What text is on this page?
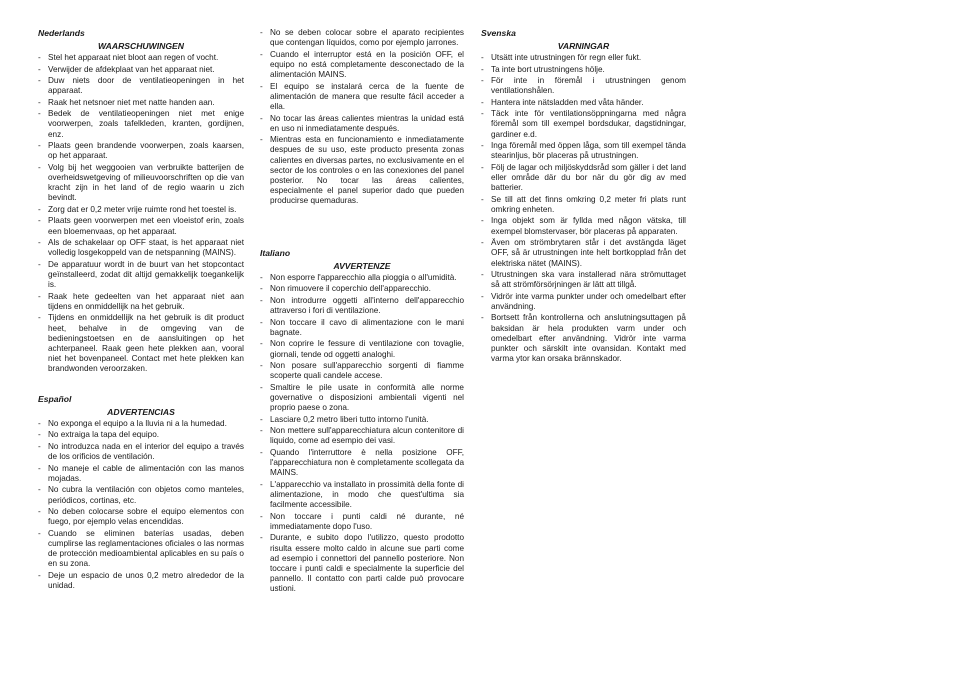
Nederlands
WAARSCHUWINGEN
- Stel het apparaat niet bloot aan regen of vocht.
- Verwijder de afdekplaat van het apparaat niet.
- Duw niets door de ventilatieopeningen in het apparaat.
- Raak het netsnoer niet met natte handen aan.
- Bedek de ventilatieopeningen niet met enige voorwerpen, zoals tafelkleden, kranten, gordijnen, enz.
- Plaats geen brandende voorwerpen, zoals kaarsen, op het apparaat.
- Volg bij het weggooien van verbruikte batterijen de overheidswetgeving of milieuvoorschriften op die van kracht zijn in het land of de regio waarin u zich bevindt.
- Zorg dat er 0,2 meter vrije ruimte rond het toestel is.
- Plaats geen voorwerpen met een vloeistof erin, zoals een bloemenvaas, op het apparaat.
- Als de schakelaar op OFF staat, is het apparaat niet volledig losgekoppeld van de netspanning (MAINS).
- De apparatuur wordt in de buurt van het stopcontact geïnstalleerd, zodat dit altijd gemakkelijk toegankelijk is.
- Raak hete gedeelten van het apparaat niet aan tijdens en onmiddellijk na het gebruik.
- Tijdens en onmiddellijk na het gebruik is dit product heet, behalve in de omgeving van de bedieningstoetsen en de aansluitingen op het achterpaneel. Raak geen hete plekken aan, vooral niet het bovenpaneel. Contact met hete plekken kan brandwonden veroorzaken.
Español
ADVERTENCIAS
- No exponga el equipo a la lluvia ni a la humedad.
- No extraiga la tapa del equipo.
- No introduzca nada en el interior del equipo a través de los orificios de ventilación.
- No maneje el cable de alimentación con las manos mojadas.
- No cubra la ventilación con objetos como manteles, periódicos, cortinas, etc.
- No deben colocarse sobre el equipo elementos con fuego, por ejemplo velas encendidas.
- Cuando se eliminen baterías usadas, deben cumplirse las reglamentaciones oficiales o las normas de protección medioambiental aplicables en su país o en su zona.
- Deje un espacio de unos 0,2 metro alrededor de la unidad.
- No se deben colocar sobre el aparato recipientes que contengan líquidos, como por ejemplo jarrones.
- Cuando el interruptor está en la posición OFF, el equipo no está completamente desconectado de la alimentación MAINS.
- El equipo se instalará cerca de la fuente de alimentación de manera que resulte fácil acceder a ella.
- No tocar las áreas calientes mientras la unidad está en uso ni inmediatamente después.
- Mientras esta en funcionamiento e inmediatamente despues de su uso, este producto presenta zonas calientes en diversas partes, no exclusivamente en el sector de los controles o en las conexiones del panel posterior. No tocar las áreas calientes, especialmente el panel superior dado que pueden producirse quemaduras.
Italiano
AVVERTENZE
- Non esporre l'apparecchio alla pioggia o all'umidità.
- Non rimuovere il coperchio dell'apparecchio.
- Non introdurre oggetti all'interno dell'apparecchio attraverso i fori di ventilazione.
- Non toccare il cavo di alimentazione con le mani bagnate.
- Non coprire le fessure di ventilazione con tovaglie, giornali, tende od oggetti analoghi.
- Non posare sull'apparecchio sorgenti di fiamme scoperte quali candele accese.
- Smaltire le pile usate in conformità alle norme governative o disposizioni ambientali vigenti nel proprio paese o zona.
- Lasciare 0,2 metro liberi tutto intorno l'unità.
- Non mettere sull'apparecchiatura alcun contenitore di liquido, come ad esempio dei vasi.
- Quando l'interruttore è nella posizione OFF, l'apparecchiatura non è completamente scollegata da MAINS.
- L'apparecchio va installato in prossimità della fonte di alimentazione, in modo che quest'ultima sia facilmente accessibile.
- Non toccare i punti caldi né durante, né immediatamente dopo l'uso.
- Durante, e subito dopo l'utilizzo, questo prodotto risulta essere molto caldo in alcune sue parti come ad esempio i connettori del pannello posteriore. Non toccare i punti caldi e specialmente la superficie del pannello. Il contatto con parti calde può provocare ustioni.
Svenska
VARNINGAR
- Utsätt inte utrustningen för regn eller fukt.
- Ta inte bort utrustningens hölje.
- För inte in föremål i utrustningen genom ventilationshålen.
- Hantera inte nätsladden med våta händer.
- Täck inte för ventilationsöppningarna med några föremål som till exempel bordsdukar, dagstidningar, gardiner e.d.
- Inga föremål med öppen låga, som till exempel tända stearinljus, bör placeras på utrustningen.
- Följ de lagar och miljöskyddsråd som gäller i det land eller område där du bor när du gör dig av med batterier.
- Se till att det finns omkring 0,2 meter fri plats runt omkring enheten.
- Inga objekt som är fyllda med någon vätska, till exempel blomstervaser, bör placeras på apparaten.
- Även om strömbrytaren står i det avstängda läget OFF, så är utrustningen inte helt bortkopplad från det elektriska nätet (MAINS).
- Utrustningen ska vara installerad nära strömuttaget så att strömförsörjningen är lätt att tillgå.
- Vidrör inte varma punkter under och omedelbart efter användning.
- Bortsett från kontrollerna och anslutningsuttagen på baksidan är hela produkten varm under och omedelbart efter användning. Vidrör inte varma punkter och särskilt inte ovansidan. Kontakt med varma ytor kan orsaka brännskador.
